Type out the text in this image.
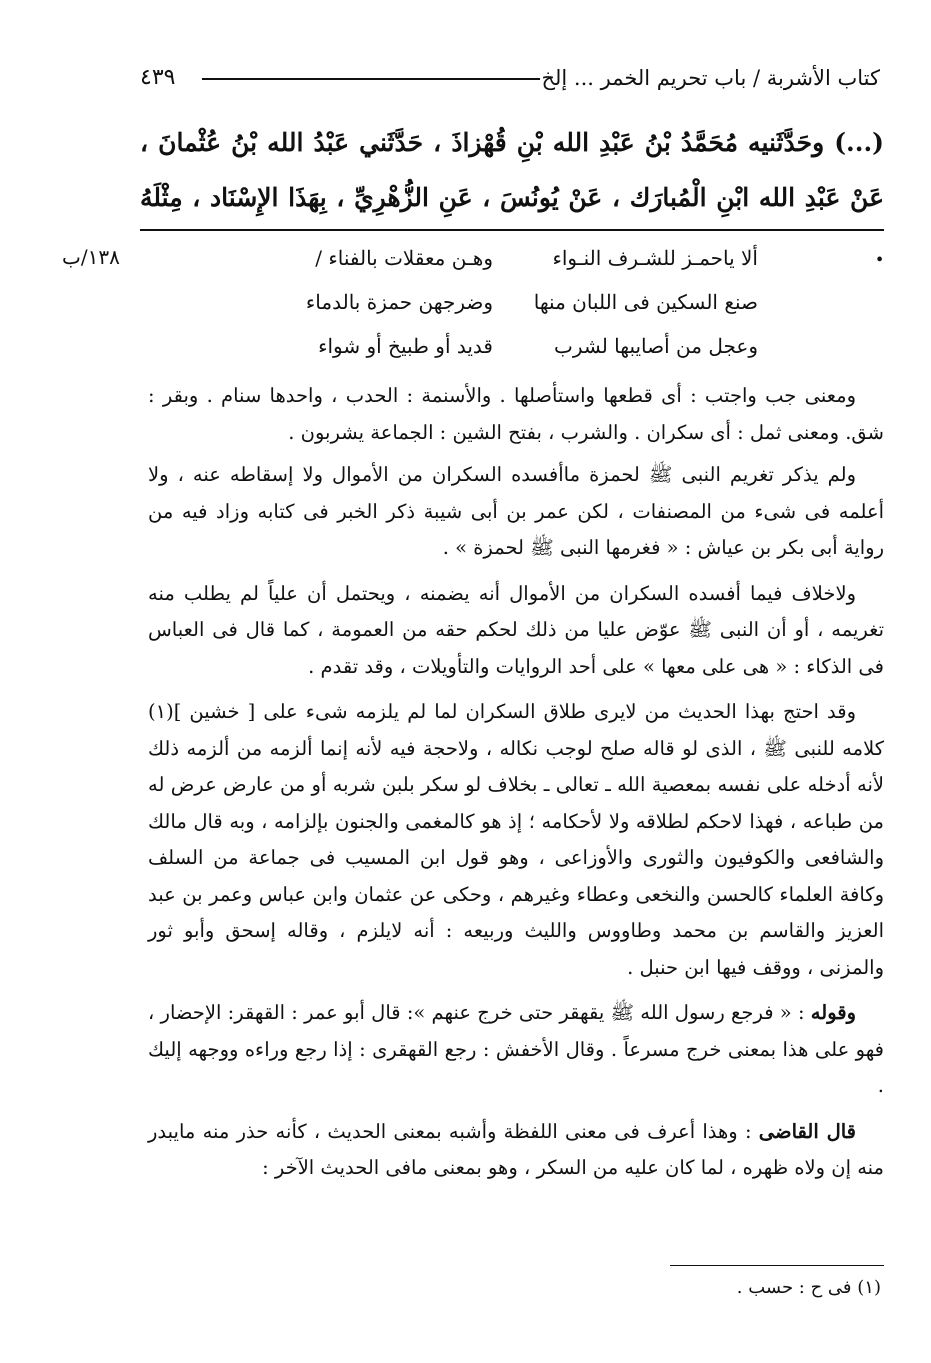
٤٣٩	كتاب الأشربة / باب تحريم الخمر ... إلخ
(...) وحَدَّثَنيه مُحَمَّدُ بْنُ عَبْدِ الله بْنِ قُهْزاذَ ، حَدَّثَني عَبْدُ الله بْنُ عُثْمانَ ، عَنْ عَبْدِ الله ابْنِ الْمُبارَك ، عَنْ يُونُسَ ، عَنِ الزُّهْرِيِّ ، بِهَذَا الإِسْنَاد ، مِثْلَهُ .
١٣٨/ب	ألا ياحمـز للشـرف النـواء
وهـن معقلات بالفناء /
صنع السكين فى اللبان منها
وضرجهن حمزة بالدماء
وعجل من أصايبها لشرب
قديد أو طبيخ أو شواء

ومعنى جب واجتب : أى قطعها واستأصلها . والأسنمة : الحدب ، واحدها سنام . وبقر : شق. ومعنى ثمل : أى سكران . والشرب ، بفتح الشين : الجماعة يشربون .

ولم يذكر تغريم النبى ﷺ لحمزة ماأفسده السكران من الأموال ولا إسقاطه عنه ، ولا أعلمه فى شىء من المصنفات ، لكن عمر بن أبى شيبة ذكر الخبر فى كتابه وزاد فيه من رواية أبى بكر بن عياش : « فغرمها النبى ﷺ لحمزة » .

ولاخلاف فيما أفسده السكران من الأموال أنه يضمنه ، ويحتمل أن علياً لم يطلب منه تغريمه ، أو أن النبى ﷺ عوّض عليا من ذلك لحكم حقه من العمومة ، كما قال فى العباس فى الذكاء : « هى على معها » على أحد الروايات والتأويلات ، وقد تقدم .

وقد احتج بهذا الحديث من لايرى طلاق السكران لما لم يلزمه شىء على [ خشين ](١) كلامه للنبى ﷺ ، الذى لو قاله صلح لوجب نكاله ، ولاحجة فيه لأنه إنما ألزمه من ألزمه ذلك لأنه أدخله على نفسه بمعصية الله ـ تعالى ـ بخلاف لو سكر بلبن شربه أو من عارض عرض له من طباعه ، فهذا لاحكم لطلاقه ولا لأحكامه ؛ إذ هو كالمغمى والجنون بإلزامه ، وبه قال مالك والشافعى والكوفيون والثورى والأوزاعى ، وهو قول ابن المسيب فى جماعة من السلف وكافة العلماء كالحسن والنخعى وعطاء وغيرهم ، وحكى عن عثمان وابن عباس وعمر بن عبد العزيز والقاسم بن محمد وطاووس والليث وربيعه : أنه لايلزم ، وقاله إسحق وأبو ثور والمزنى ، ووقف فيها ابن حنبل .

وقوله : « فرجع رسول الله ﷺ يقهقر حتى خرج عنهم »: قال أبو عمر : القهقر: الإحضار ، فهو على هذا بمعنى خرج مسرعاً . وقال الأخفش : رجع القهقرى : إذا رجع وراءه ووجهه إليك .

قال القاضى : وهذا أعرف فى معنى اللفظة وأشبه بمعنى الحديث ، كأنه حذر منه مايبدر منه إن ولاه ظهره ، لما كان عليه من السكر ، وهو بمعنى مافى الحديث الآخر :

(١) فى ح : حسب .
